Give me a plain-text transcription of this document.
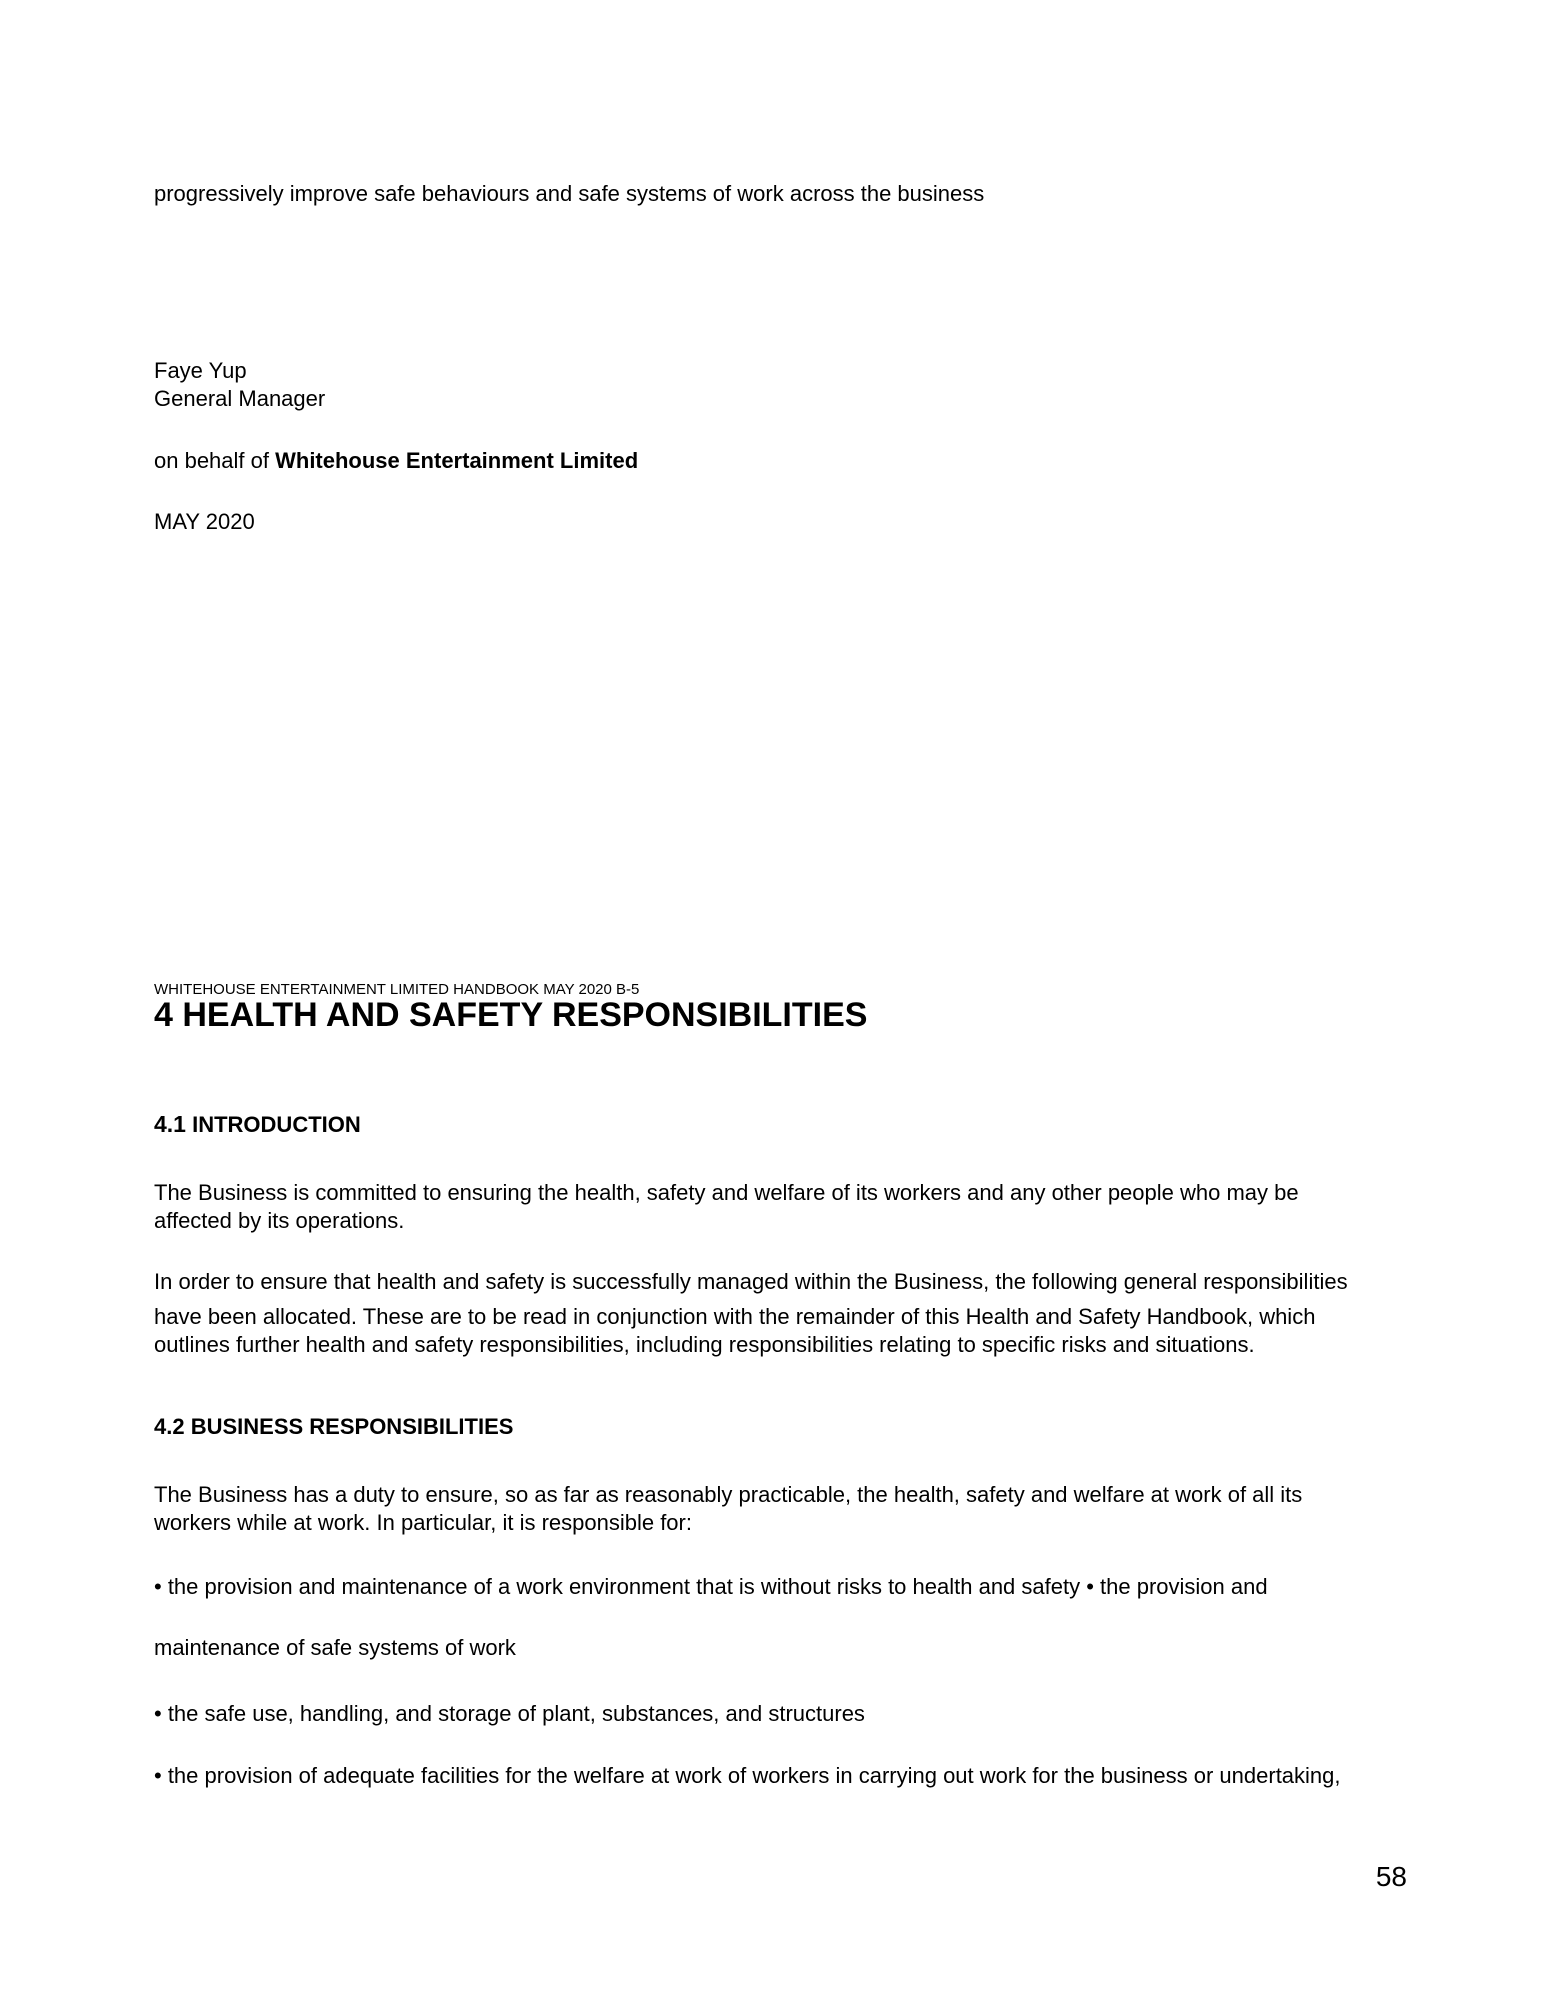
progressively improve safe behaviours and safe systems of work across the business

Faye Yup

General Manager

on behalf of Whitehouse Entertainment Limited

MAY 2020

WHITEHOUSE ENTERTAINMENT LIMITED HANDBOOK MAY 2020 B-5

4 HEALTH AND SAFETY RESPONSIBILITIES
4.1 INTRODUCTION

The Business is committed to ensuring the health, safety and welfare of its workers and any other people who may be

affected by its operations.

In order to ensure that health and safety is successfully managed within the Business, the following general responsibilities

have been allocated. These are to be read in conjunction with the remainder of this Health and Safety Handbook, which

outlines further health and safety responsibilities, including responsibilities relating to specific risks and situations.

4.2 BUSINESS RESPONSIBILITIES

The Business has a duty to ensure, so as far as reasonably practicable, the health, safety and welfare at work of all its

workers while at work. In particular, it is responsible for:

• the provision and maintenance of a work environment that is without risks to health and safety • the provision and

maintenance of safe systems of work

• the safe use, handling, and storage of plant, substances, and structures

• the provision of adequate facilities for the welfare at work of workers in carrying out work for the business or undertaking,

58
